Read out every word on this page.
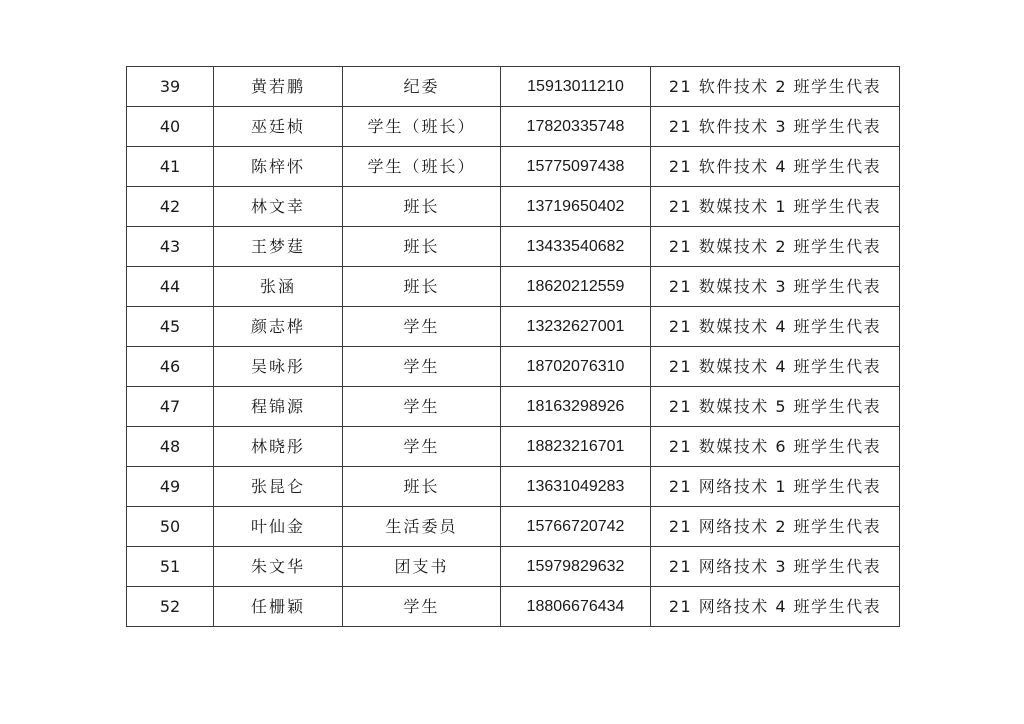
39	黄若鹏	纪委	15913011210	21 软件技术 2 班学生代表
40	巫廷桢	学生（班长）	17820335748	21 软件技术 3 班学生代表
41	陈梓怀	学生（班长）	15775097438	21 软件技术 4 班学生代表
42	林文幸	班长	13719650402	21 数媒技术 1 班学生代表
43	王梦莛	班长	13433540682	21 数媒技术 2 班学生代表
44	张涵	班长	18620212559	21 数媒技术 3 班学生代表
45	颜志桦	学生	13232627001	21 数媒技术 4 班学生代表
46	吴咏彤	学生	18702076310	21 数媒技术 4 班学生代表
47	程锦源	学生	18163298926	21 数媒技术 5 班学生代表
48	林晓彤	学生	18823216701	21 数媒技术 6 班学生代表
49	张昆仑	班长	13631049283	21 网络技术 1 班学生代表
50	叶仙金	生活委员	15766720742	21 网络技术 2 班学生代表
51	朱文华	团支书	15979829632	21 网络技术 3 班学生代表
52	任栅颖	学生	18806676434	21 网络技术 4 班学生代表
